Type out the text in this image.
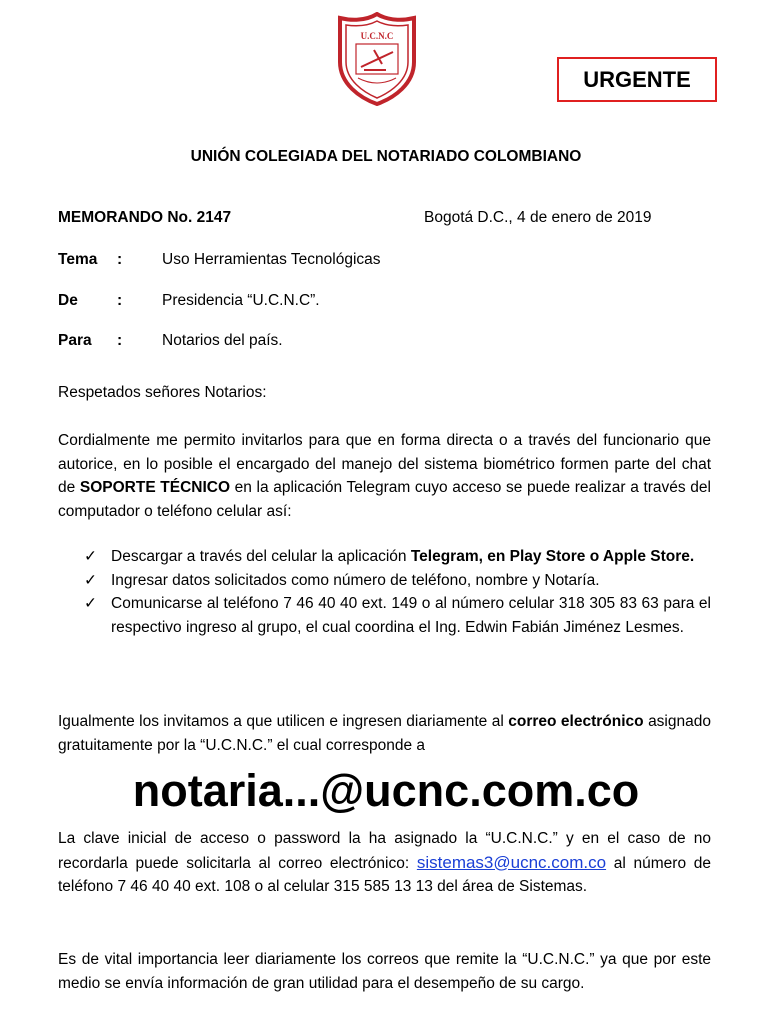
U.C.N.C
URGENTE
UNIÓN COLEGIADA DEL NOTARIADO COLOMBIANO
MEMORANDO No. 2147	Bogotá D.C., 4 de enero de 2019
Tema :	Uso Herramientas Tecnológicas
De	:	Presidencia “U.C.N.C”.
Para :	Notarios del país.
Respetados señores Notarios:
Cordialmente me permito invitarlos para que en forma directa o a través del funcionario que autorice, en lo posible el encargado del manejo del sistema biométrico formen parte del chat de SOPORTE TÉCNICO en la aplicación Telegram cuyo acceso se puede realizar a través del computador o teléfono celular así:
✓ Descargar a través del celular la aplicación Telegram, en Play Store o Apple Store.
✓ Ingresar datos solicitados como número de teléfono, nombre y Notaría.
✓ Comunicarse al teléfono 7 46 40 40 ext. 149 o al número celular 318 305 83 63 para el respectivo ingreso al grupo, el cual coordina el Ing. Edwin Fabián Jiménez Lesmes.
Igualmente los invitamos a que utilicen e ingresen diariamente al correo electrónico asignado gratuitamente por la “U.C.N.C.” el cual corresponde a
notaria...@ucnc.com.co
La clave inicial de acceso o password la ha asignado la “U.C.N.C.” y en el caso de no recordarla puede solicitarla al correo electrónico: sistemas3@ucnc.com.co al número de teléfono 7 46 40 40 ext. 108 o al celular 315 585 13 13 del área de Sistemas.
Es de vital importancia leer diariamente los correos que remite la “U.C.N.C.” ya que por este medio se envía información de gran utilidad para el desempeño de su cargo.
